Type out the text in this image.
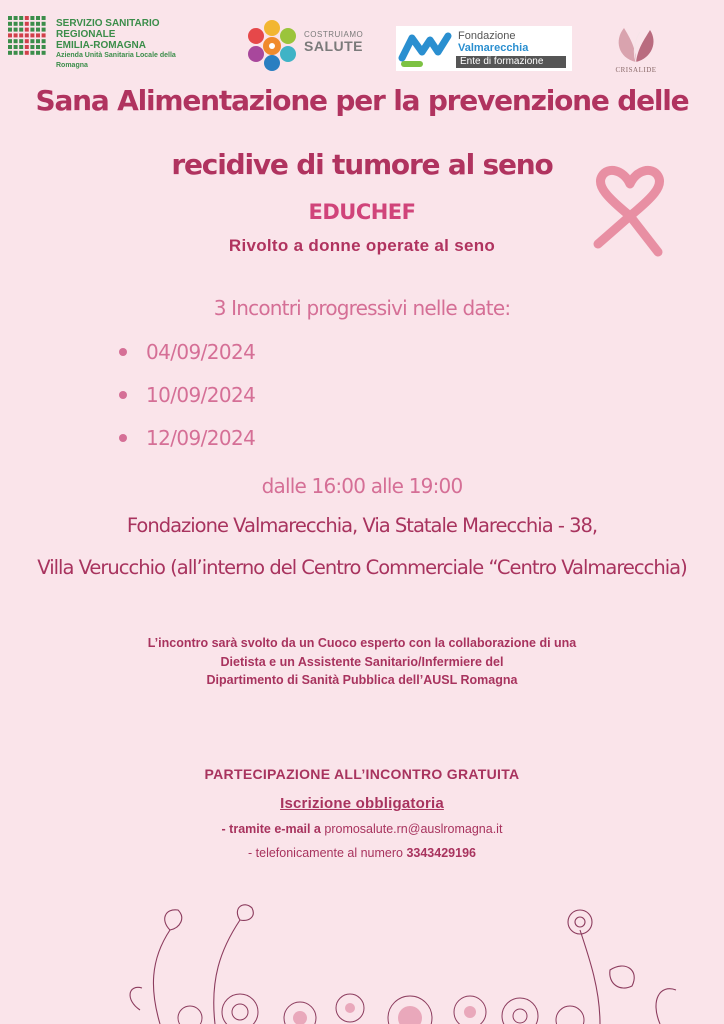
SERVIZIO SANITARIO REGIONALE
EMILIA-ROMAGNA
Azienda Unità Sanitaria Locale della Romagna
COSTRUIAMO
SALUTE
Fondazione
Valmarecchia
Ente di formazione
CRISALIDE
Sana Alimentazione per la prevenzione delle
recidive di tumore al seno
EDUCHEF
Rivolto a donne operate al seno
3 Incontri progressivi nelle date:
04/09/2024
10/09/2024
12/09/2024
dalle 16:00 alle 19:00
Fondazione Valmarecchia, Via Statale Marecchia - 38,
Villa Verucchio (all’interno del Centro Commerciale “Centro Valmarecchia)
L’incontro sarà svolto da un Cuoco esperto con la collaborazione di una
Dietista e un Assistente Sanitario/Infermiere del
Dipartimento di Sanità Pubblica dell’AUSL Romagna
PARTECIPAZIONE ALL’INCONTRO GRATUITA
Iscrizione obbligatoria
- tramite e-mail a promosalute.rn@auslromagna.it
- telefonicamente al numero 3343429196
